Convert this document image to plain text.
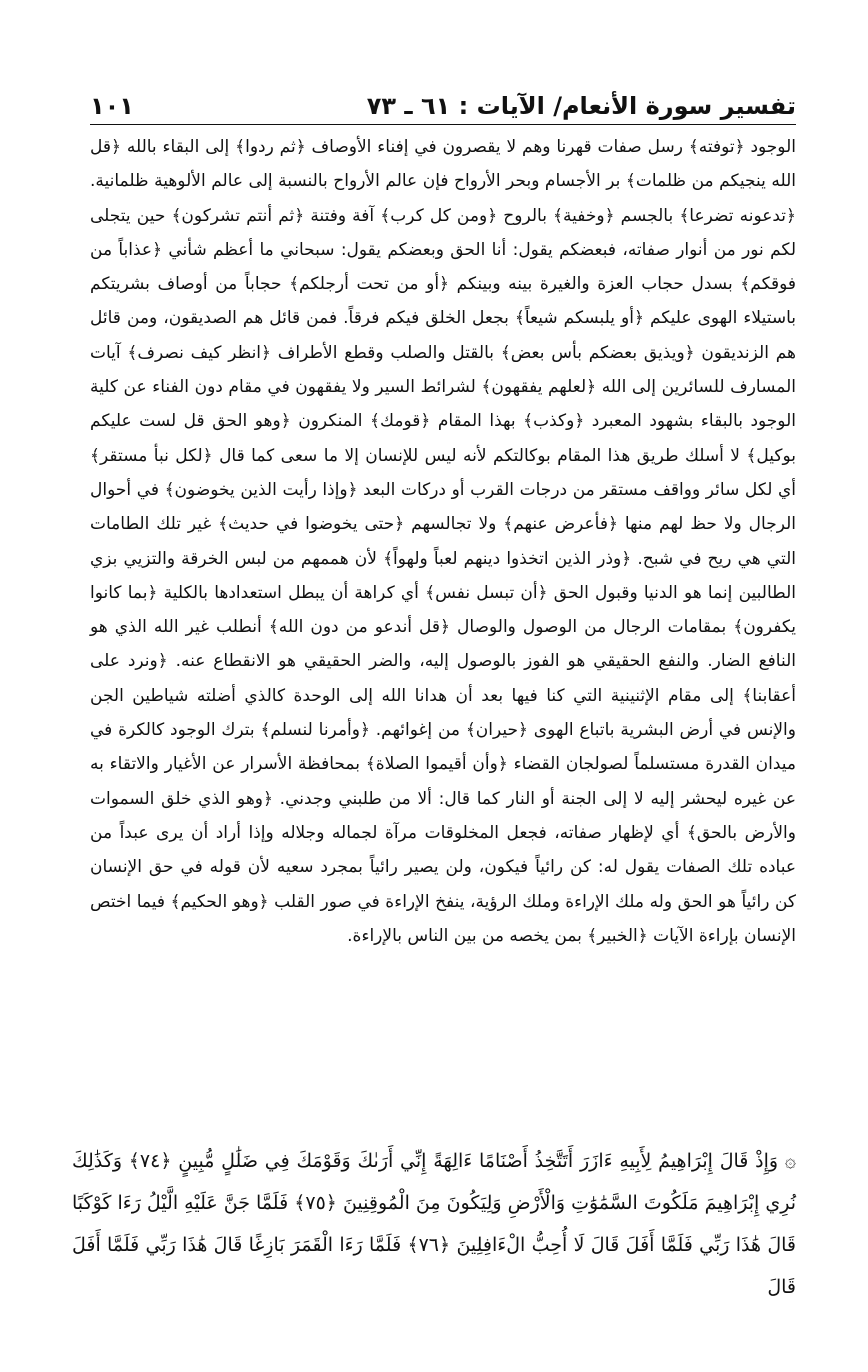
تفسير سورة الأنعام/ الآيات : ٦١ ـ ٧٣
١٠١

الوجود ﴿توفته﴾ رسل صفات قهرنا وهم لا يقصرون في إفناء الأوصاف ﴿ثم ردوا﴾ إلى البقاء بالله ﴿قل الله ينجيكم من ظلمات﴾ بر الأجسام وبحر الأرواح فإن عالم الأرواح بالنسبة إلى عالم الألوهية ظلمانية. ﴿تدعونه تضرعا﴾ بالجسم ﴿وخفية﴾ بالروح ﴿ومن كل كرب﴾ آفة وفتنة ﴿ثم أنتم تشركون﴾ حين يتجلى لكم نور من أنوار صفاته، فبعضكم يقول: أنا الحق وبعضكم يقول: سبحاني ما أعظم شأني ﴿عذاباً من فوقكم﴾ بسدل حجاب العزة والغيرة بينه وبينكم ﴿أو من تحت أرجلكم﴾ حجاباً من أوصاف بشريتكم باستيلاء الهوى عليكم ﴿أو يلبسكم شيعاً﴾ بجعل الخلق فيكم فرقاً. فمن قائل هم الصديقون، ومن قائل هم الزنديقون ﴿ويذيق بعضكم بأس بعض﴾ بالقتل والصلب وقطع الأطراف ﴿انظر كيف نصرف﴾ آيات المسارف للسائرين إلى الله ﴿لعلهم يفقهون﴾ لشرائط السير ولا يفقهون في مقام دون الفناء عن كلية الوجود بالبقاء بشهود المعبرد ﴿وكذب﴾ بهذا المقام ﴿قومك﴾ المنكرون ﴿وهو الحق قل لست عليكم بوكيل﴾ لا أسلك طريق هذا المقام بوكالتكم لأنه ليس للإنسان إلا ما سعى كما قال ﴿لكل نبأ مستقر﴾ أي لكل سائر وواقف مستقر من درجات القرب أو دركات البعد ﴿وإذا رأيت الذين يخوضون﴾ في أحوال الرجال ولا حظ لهم منها ﴿فأعرض عنهم﴾ ولا تجالسهم ﴿حتى يخوضوا في حديث﴾ غير تلك الطامات التي هي ريح في شبح. ﴿وذر الذين اتخذوا دينهم لعباً ولهواً﴾ لأن هممهم من لبس الخرقة والتزيي بزي الطالبين إنما هو الدنيا وقبول الحق ﴿أن تبسل نفس﴾ أي كراهة أن يبطل استعدادها بالكلية ﴿بما كانوا يكفرون﴾ بمقامات الرجال من الوصول والوصال ﴿قل أندعو من دون الله﴾ أنطلب غير الله الذي هو النافع الضار. والنفع الحقيقي هو الفوز بالوصول إليه، والضر الحقيقي هو الانقطاع عنه. ﴿ونرد على أعقابنا﴾ إلى مقام الإثنينية التي كنا فيها بعد أن هدانا الله إلى الوحدة كالذي أضلته شياطين الجن والإنس في أرض البشرية باتباع الهوى ﴿حيران﴾ من إغوائهم. ﴿وأمرنا لنسلم﴾ بترك الوجود كالكرة في ميدان القدرة مستسلماً لصولجان القضاء ﴿وأن أقيموا الصلاة﴾ بمحافظة الأسرار عن الأغيار والاتقاء به عن غيره ليحشر إليه لا إلى الجنة أو النار كما قال: ألا من طلبني وجدني. ﴿وهو الذي خلق السموات والأرض بالحق﴾ أي لإظهار صفاته، فجعل المخلوقات مرآة لجماله وجلاله وإذا أراد أن يرى عبداً من عباده تلك الصفات يقول له: كن رائياً فيكون، ولن يصير رائياً بمجرد سعيه لأن قوله في حق الإنسان كن رائياً هو الحق وله ملك الإراءة وملك الرؤية، ينفخ الإراءة في صور القلب ﴿وهو الحكيم﴾ فيما اختص الإنسان بإراءة الآيات ﴿الخبير﴾ بمن يخصه من بين الناس بالإراءة.

۞ وَإِذْ قَالَ إِبْرَاهِيمُ لِأَبِيهِ ءَازَرَ أَتَتَّخِذُ أَصْنَامًا ءَالِهَةً إِنِّي أَرَىٰكَ وَقَوْمَكَ فِي ضَلَٰلٍ مُّبِينٍ ﴿٧٤﴾ وَكَذَٰلِكَ نُرِي إِبْرَاهِيمَ مَلَكُوتَ السَّمَٰوَٰتِ وَالْأَرْضِ وَلِيَكُونَ مِنَ الْمُوقِنِينَ ﴿٧٥﴾ فَلَمَّا جَنَّ عَلَيْهِ الَّيْلُ رَءَا كَوْكَبًا قَالَ هَٰذَا رَبِّي فَلَمَّا أَفَلَ قَالَ لَا أُحِبُّ الْءَافِلِينَ ﴿٧٦﴾ فَلَمَّا رَءَا الْقَمَرَ بَازِغًا قَالَ هَٰذَا رَبِّي فَلَمَّا أَفَلَ قَالَ
